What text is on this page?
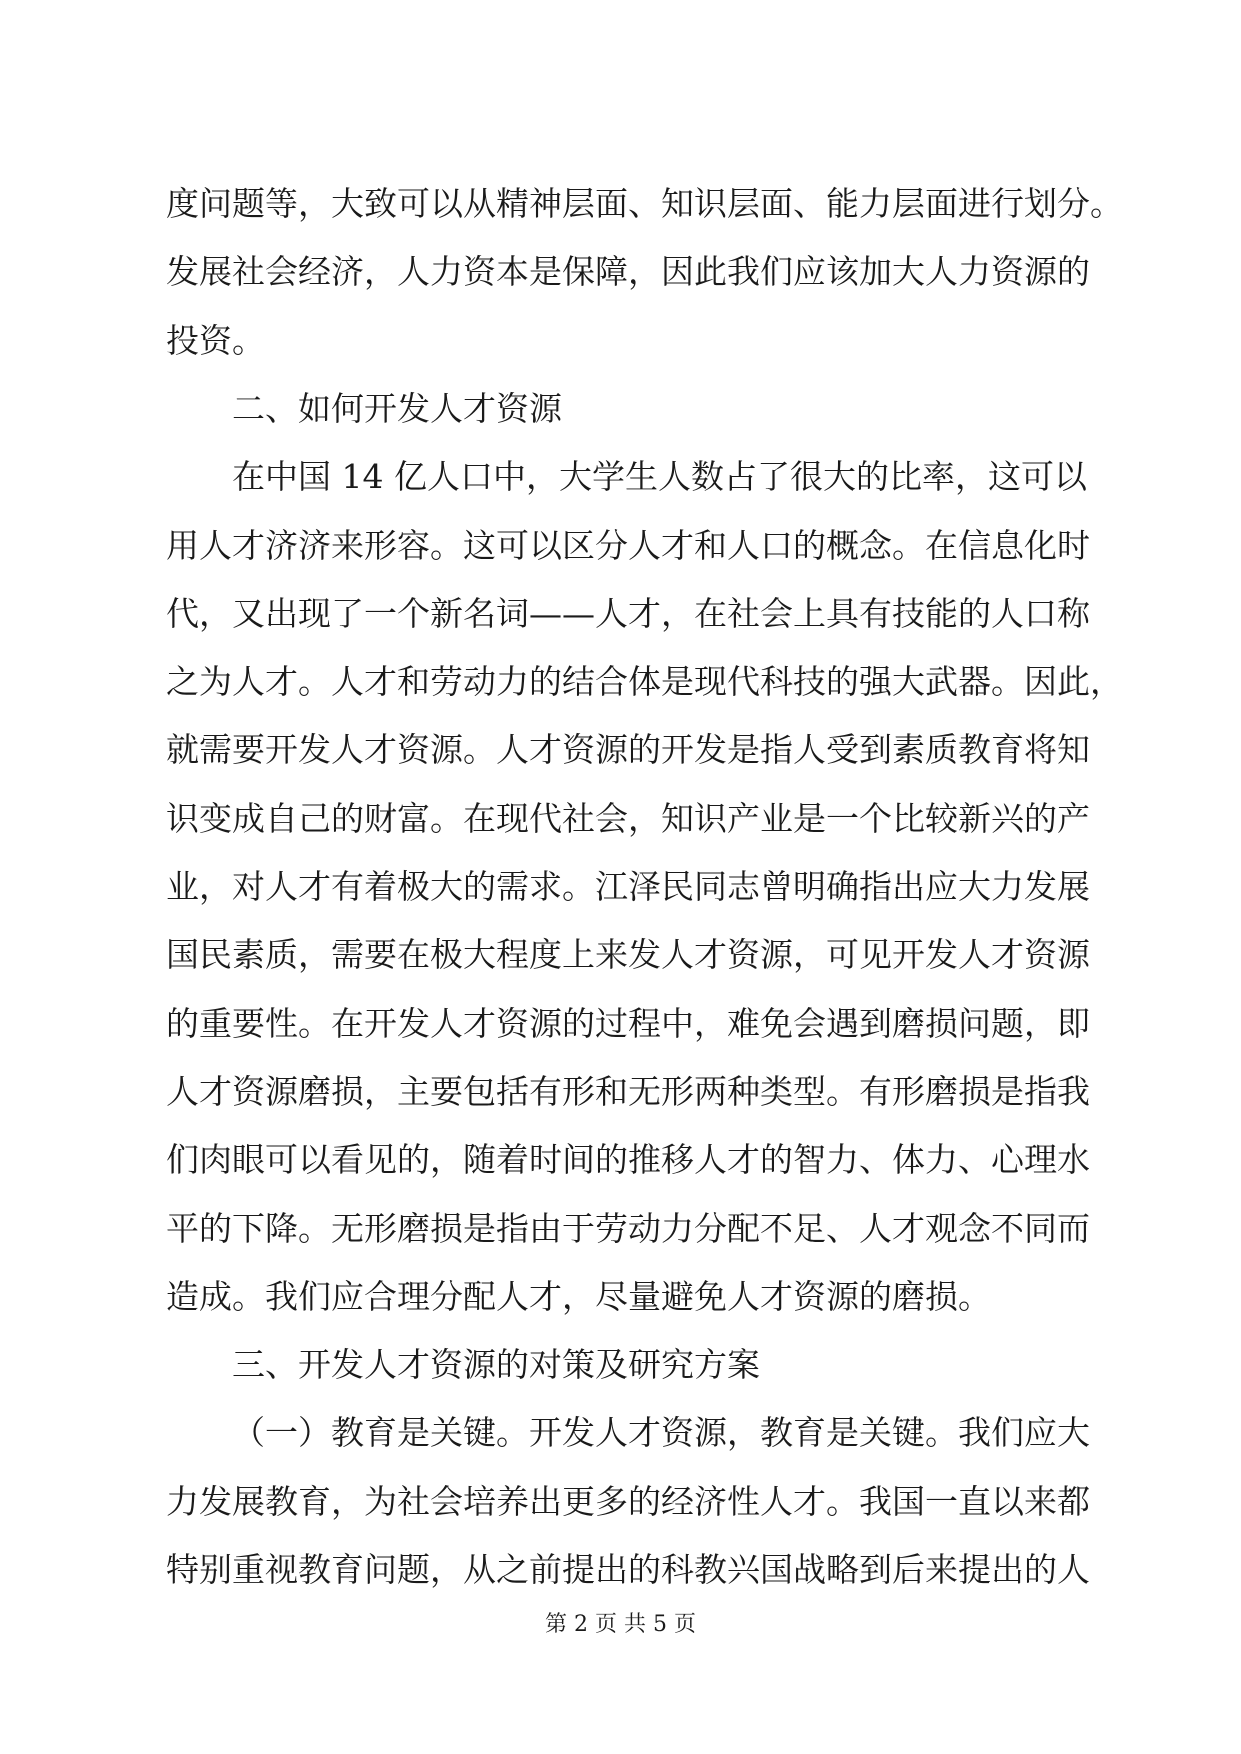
度问题等，大致可以从精神层面、知识层面、能力层面进行划分。
发展社会经济，人力资本是保障，因此我们应该加大人力资源的
投资。
二、如何开发人才资源
在中国 14 亿人口中，大学生人数占了很大的比率，这可以
用人才济济来形容。这可以区分人才和人口的概念。在信息化时
代，又出现了一个新名词——人才，在社会上具有技能的人口称
之为人才。人才和劳动力的结合体是现代科技的强大武器。因此，
就需要开发人才资源。人才资源的开发是指人受到素质教育将知
识变成自己的财富。在现代社会，知识产业是一个比较新兴的产
业，对人才有着极大的需求。江泽民同志曾明确指出应大力发展
国民素质，需要在极大程度上来发人才资源，可见开发人才资源
的重要性。在开发人才资源的过程中，难免会遇到磨损问题，即
人才资源磨损，主要包括有形和无形两种类型。有形磨损是指我
们肉眼可以看见的，随着时间的推移人才的智力、体力、心理水
平的下降。无形磨损是指由于劳动力分配不足、人才观念不同而
造成。我们应合理分配人才，尽量避免人才资源的磨损。
三、开发人才资源的对策及研究方案
（一）教育是关键。开发人才资源，教育是关键。我们应大
力发展教育，为社会培养出更多的经济性人才。我国一直以来都
特别重视教育问题，从之前提出的科教兴国战略到后来提出的人
第 2 页 共 5 页
